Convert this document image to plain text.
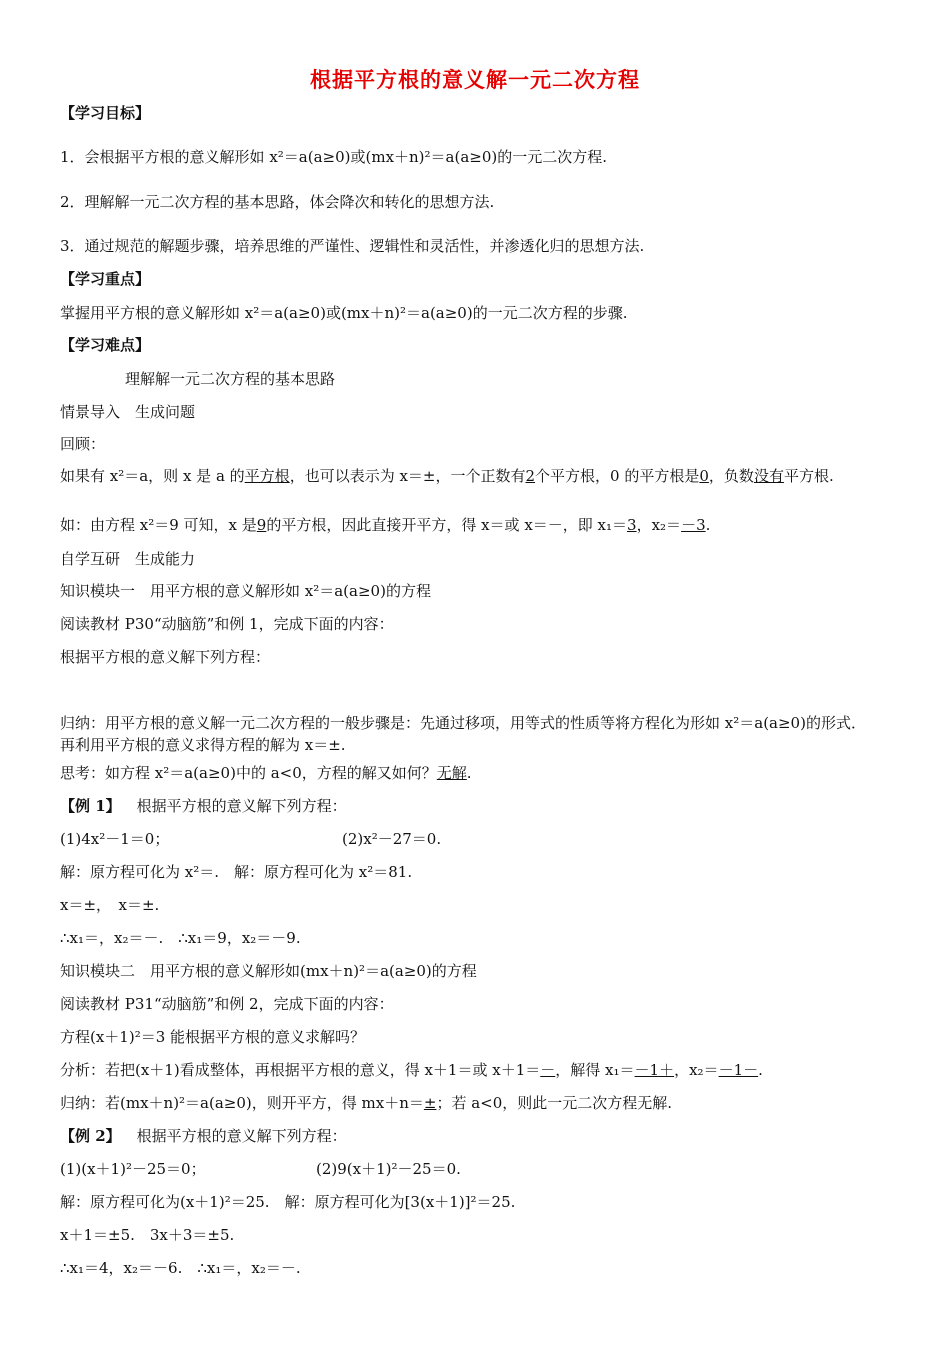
根据平方根的意义解一元二次方程
【学习目标】
1．会根据平方根的意义解形如 x²＝a(a≥0)或(mx＋n)²＝a(a≥0)的一元二次方程.
2．理解解一元二次方程的基本思路，体会降次和转化的思想方法.
3．通过规范的解题步骤，培养思维的严谨性、逻辑性和灵活性，并渗透化归的思想方法.
【学习重点】
掌握用平方根的意义解形如 x²＝a(a≥0)或(mx＋n)²＝a(a≥0)的一元二次方程的步骤.
【学习难点】
理解解一元二次方程的基本思路
情景导入　生成问题
回顾：
如果有 x²＝a，则 x 是 a 的平方根，也可以表示为 x＝±，一个正数有2个平方根，0 的平方根是0，负数没有平方根.
如：由方程 x²＝9 可知，x 是9的平方根，因此直接开平方，得 x＝或 x＝－，即 x₁＝3，x₂＝－3.
自学互研　生成能力
知识模块一　用平方根的意义解形如 x²＝a(a≥0)的方程
阅读教材 P30“动脑筋”和例 1，完成下面的内容：
根据平方根的意义解下列方程：
归纳：用平方根的意义解一元二次方程的一般步骤是：先通过移项，用等式的性质等将方程化为形如 x²＝a(a≥0)的形式．再利用平方根的意义求得方程的解为 x＝±.
思考：如方程 x²＝a(a≥0)中的 a<0，方程的解又如何？无解.
【例 1】 根据平方根的意义解下列方程：
(1)4x²－1＝0；	(2)x²－27＝0.
解：原方程可化为 x²＝.　解：原方程可化为 x²＝81.
x＝±，　x＝±.
∴x₁＝，x₂＝－.　∴x₁＝9，x₂＝－9.
知识模块二　用平方根的意义解形如(mx＋n)²＝a(a≥0)的方程
阅读教材 P31“动脑筋”和例 2，完成下面的内容：
方程(x＋1)²＝3 能根据平方根的意义求解吗？
分析：若把(x＋1)看成整体，再根据平方根的意义，得 x＋1＝或 x＋1＝－，解得 x₁＝－1＋，x₂＝－1－.
归纳：若(mx＋n)²＝a(a≥0)，则开平方，得 mx＋n＝±；若 a<0，则此一元二次方程无解.
【例 2】 根据平方根的意义解下列方程：
(1)(x＋1)²－25＝0；	(2)9(x＋1)²－25＝0.
解：原方程可化为(x＋1)²＝25.　解：原方程可化为[3(x＋1)]²＝25.
x＋1＝±5.　3x＋3＝±5.
∴x₁＝4，x₂＝－6.　∴x₁＝，x₂＝－.
